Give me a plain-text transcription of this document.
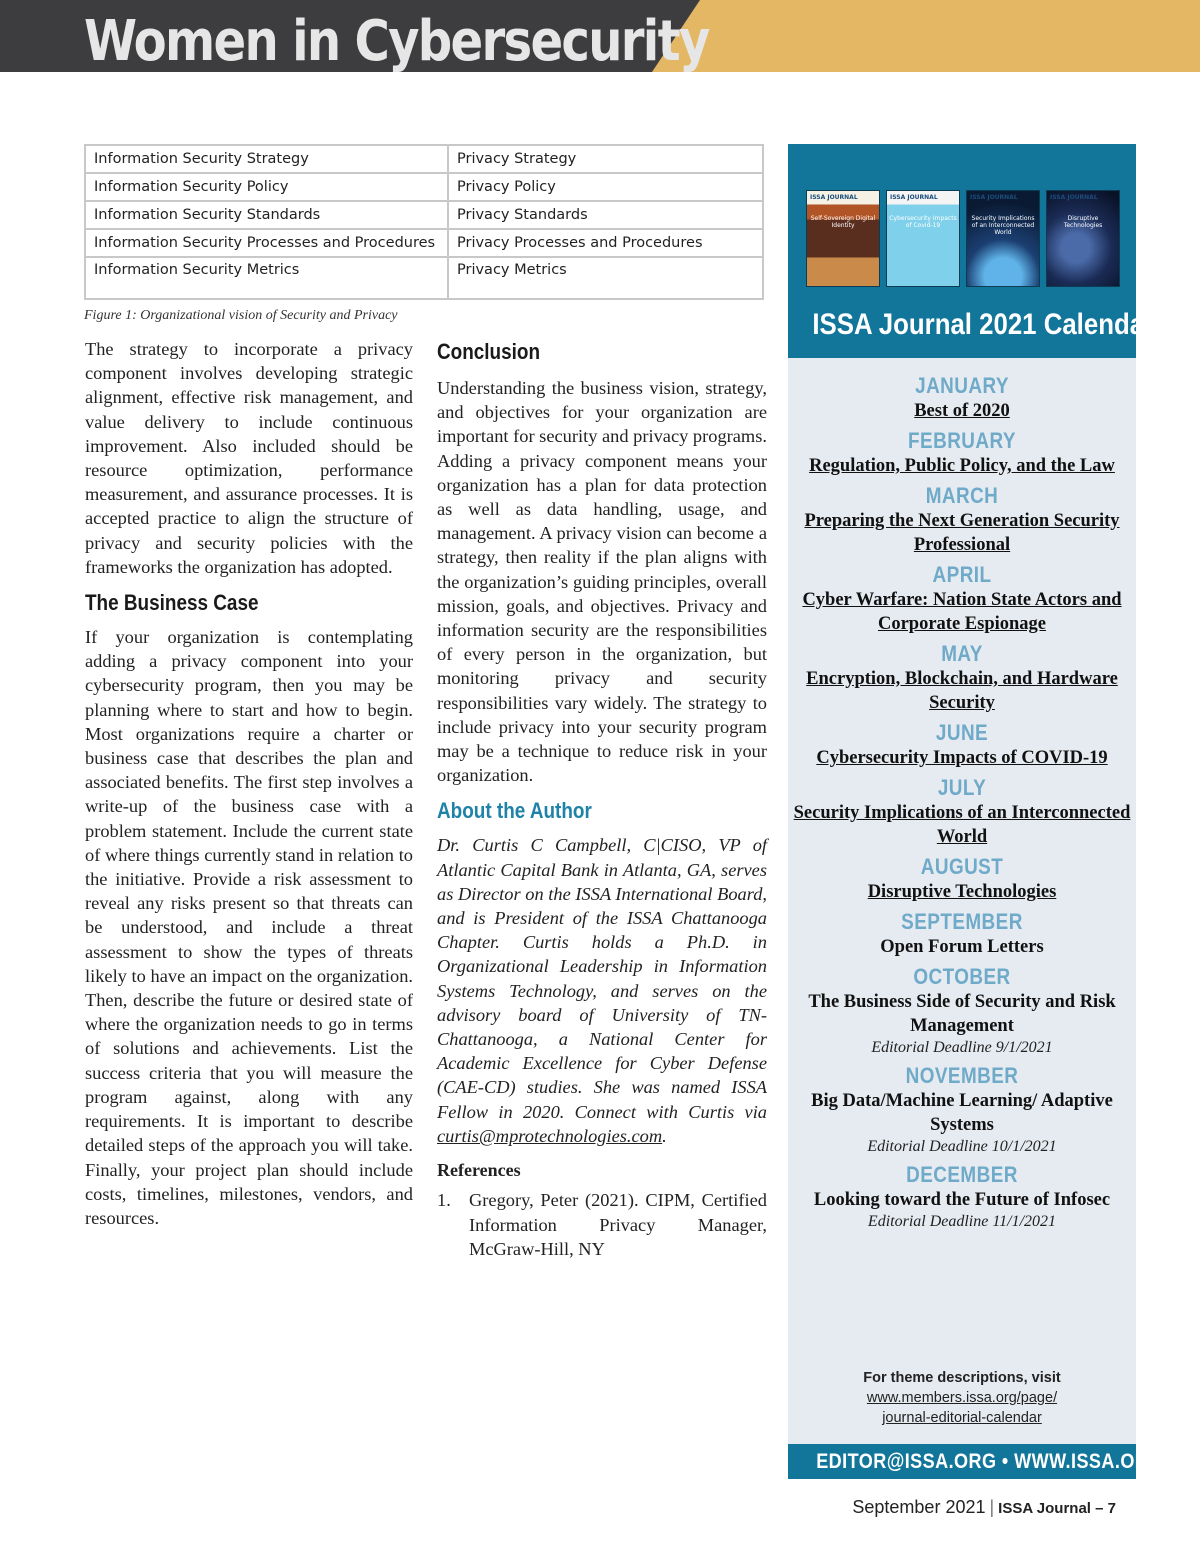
Women in Cybersecurity
Information Security Strategy	Privacy Strategy
Information Security Policy	Privacy Policy
Information Security Standards	Privacy Standards
Information Security Processes and Procedures	Privacy Processes and Procedures
Information Security Metrics	Privacy Metrics
Figure 1: Organizational vision of Security and Privacy

The strategy to incorporate a privacy component involves developing strategic alignment, effective risk management, and value delivery to include continuous improvement. Also included should be resource optimization, performance measurement, and assurance processes. It is accepted practice to align the structure of privacy and security policies with the frameworks the organization has adopted.

The Business Case

If your organization is contemplating adding a privacy component into your cybersecurity program, then you may be planning where to start and how to begin. Most organizations require a charter or business case that describes the plan and associated benefits. The first step involves a write-up of the business case with a problem statement. Include the current state of where things currently stand in relation to the initiative. Provide a risk assessment to reveal any risks present so that threats can be understood, and include a threat assessment to show the types of threats likely to have an impact on the organization. Then, describe the future or desired state of where the organization needs to go in terms of solutions and achievements. List the success criteria that you will measure the program against, along with any requirements. It is important to describe detailed steps of the approach you will take. Finally, your project plan should include costs, timelines, milestones, vendors, and resources.

Conclusion

Understanding the business vision, strategy, and objectives for your organization are important for security and privacy programs. Adding a privacy component means your organization has a plan for data protection as well as data handling, usage, and management. A privacy vision can become a strategy, then reality if the plan aligns with the organization’s guiding principles, overall mission, goals, and objectives. Privacy and information security are the responsibilities of every person in the organization, but monitoring privacy and security responsibilities vary widely. The strategy to include privacy into your security program may be a technique to reduce risk in your organization.

About the Author

Dr. Curtis C Campbell, C|CISO, VP of Atlantic Capital Bank in Atlanta, GA, serves as Director on the ISSA International Board, and is President of the ISSA Chattanooga Chapter. Curtis holds a Ph.D. in Organizational Leadership in Information Systems Technology, and serves on the advisory board of University of TN-Chattanooga, a National Center for Academic Excellence for Cyber Defense (CAE-CD) studies. She was named ISSA Fellow in 2020. Connect with Curtis via curtis@mprotechnologies.com.

References
1. Gregory, Peter (2021). CIPM, Certified Information Privacy Manager, McGraw-Hill, NY
ISSA JOURNAL
Self-Sovereign Digital Identity
ISSA JOURNAL
Cybersecurity Impacts of Covid-19
ISSA JOURNAL
Security Implications of an Interconnected World
ISSA JOURNAL
Disruptive Technologies
ISSA Journal 2021 Calendar
JANUARY
Best of 2020
FEBRUARY
Regulation, Public Policy, and the Law
MARCH
Preparing the Next Generation Security Professional
APRIL
Cyber Warfare: Nation State Actors and Corporate Espionage
MAY
Encryption, Blockchain, and Hardware Security
JUNE
Cybersecurity Impacts of COVID-19
JULY
Security Implications of an Interconnected World
AUGUST
Disruptive Technologies
SEPTEMBER
Open Forum Letters
OCTOBER
The Business Side of Security and Risk Management
Editorial Deadline 9/1/2021
NOVEMBER
Big Data/Machine Learning/ Adaptive Systems
Editorial Deadline 10/1/2021
DECEMBER
Looking toward the Future of Infosec
Editorial Deadline 11/1/2021
For theme descriptions, visit
www.members.issa.org/page/
journal-editorial-calendar
EDITOR@ISSA.ORG • WWW.ISSA.ORG
September 2021 | ISSA Journal – 7
